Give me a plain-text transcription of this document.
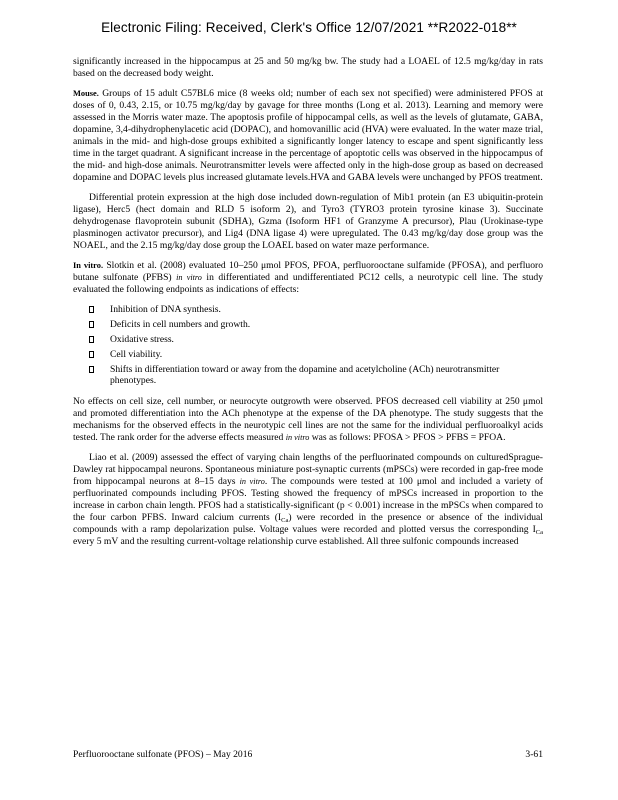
Electronic Filing: Received, Clerk's Office 12/07/2021 **R2022-018**

significantly increased in the hippocampus at 25 and 50 mg/kg bw. The study had a LOAEL of 12.5 mg/kg/day in rats based on the decreased body weight.

Mouse. Groups of 15 adult C57BL6 mice (8 weeks old; number of each sex not specified) were administered PFOS at doses of 0, 0.43, 2.15, or 10.75 mg/kg/day by gavage for three months (Long et al. 2013). Learning and memory were assessed in the Morris water maze. The apoptosis profile of hippocampal cells, as well as the levels of glutamate, GABA, dopamine, 3,4-dihydrophenylacetic acid (DOPAC), and homovanillic acid (HVA) were evaluated. In the water maze trial, animals in the mid- and high-dose groups exhibited a significantly longer latency to escape and spent significantly less time in the target quadrant. A significant increase in the percentage of apoptotic cells was observed in the hippocampus of the mid- and high-dose animals. Neurotransmitter levels were affected only in the high-dose group as based on decreased dopamine and DOPAC levels plus increased glutamate levels.HVA and GABA levels were unchanged by PFOS treatment.

Differential protein expression at the high dose included down-regulation of Mib1 protein (an E3 ubiquitin-protein ligase), Herc5 (hect domain and RLD 5 isoform 2), and Tyro3 (TYRO3 protein tyrosine kinase 3). Succinate dehydrogenase flavoprotein subunit (SDHA), Gzma (Isoform HF1 of Granzyme A precursor), Plau (Urokinase-type plasminogen activator precursor), and Lig4 (DNA ligase 4) were upregulated. The 0.43 mg/kg/day dose group was the NOAEL, and the 2.15 mg/kg/day dose group the LOAEL based on water maze performance.

In vitro. Slotkin et al. (2008) evaluated 10–250 μmol PFOS, PFOA, perfluorooctane sulfamide (PFOSA), and perfluoro butane sulfonate (PFBS) in vitro in differentiated and undifferentiated PC12 cells, a neurotypic cell line. The study evaluated the following endpoints as indications of effects:

Inhibition of DNA synthesis.
Deficits in cell numbers and growth.
Oxidative stress.
Cell viability.
Shifts in differentiation toward or away from the dopamine and acetylcholine (ACh) neurotransmitter phenotypes.

No effects on cell size, cell number, or neurocyte outgrowth were observed. PFOS decreased cell viability at 250 μmol and promoted differentiation into the ACh phenotype at the expense of the DA phenotype. The study suggests that the mechanisms for the observed effects in the neurotypic cell lines are not the same for the individual perfluoroalkyl acids tested. The rank order for the adverse effects measured in vitro was as follows: PFOSA > PFOS > PFBS = PFOA.

Liao et al. (2009) assessed the effect of varying chain lengths of the perfluorinated compounds on culturedSprague-Dawley rat hippocampal neurons. Spontaneous miniature post-synaptic currents (mPSCs) were recorded in gap-free mode from hippocampal neurons at 8–15 days in vitro. The compounds were tested at 100 μmol and included a variety of perfluorinated compounds including PFOS. Testing showed the frequency of mPSCs increased in proportion to the increase in carbon chain length. PFOS had a statistically-significant (p < 0.001) increase in the mPSCs when compared to the four carbon PFBS. Inward calcium currents $(I_{Ca})$ were recorded in the presence or absence of the individual compounds with a ramp depolarization pulse. Voltage values were recorded and plotted versus the corresponding $I_{Ca}$ every 5 mV and the resulting current-voltage relationship curve established. All three sulfonic compounds increased

Perfluorooctane sulfonate (PFOS) – May 2016	3-61
